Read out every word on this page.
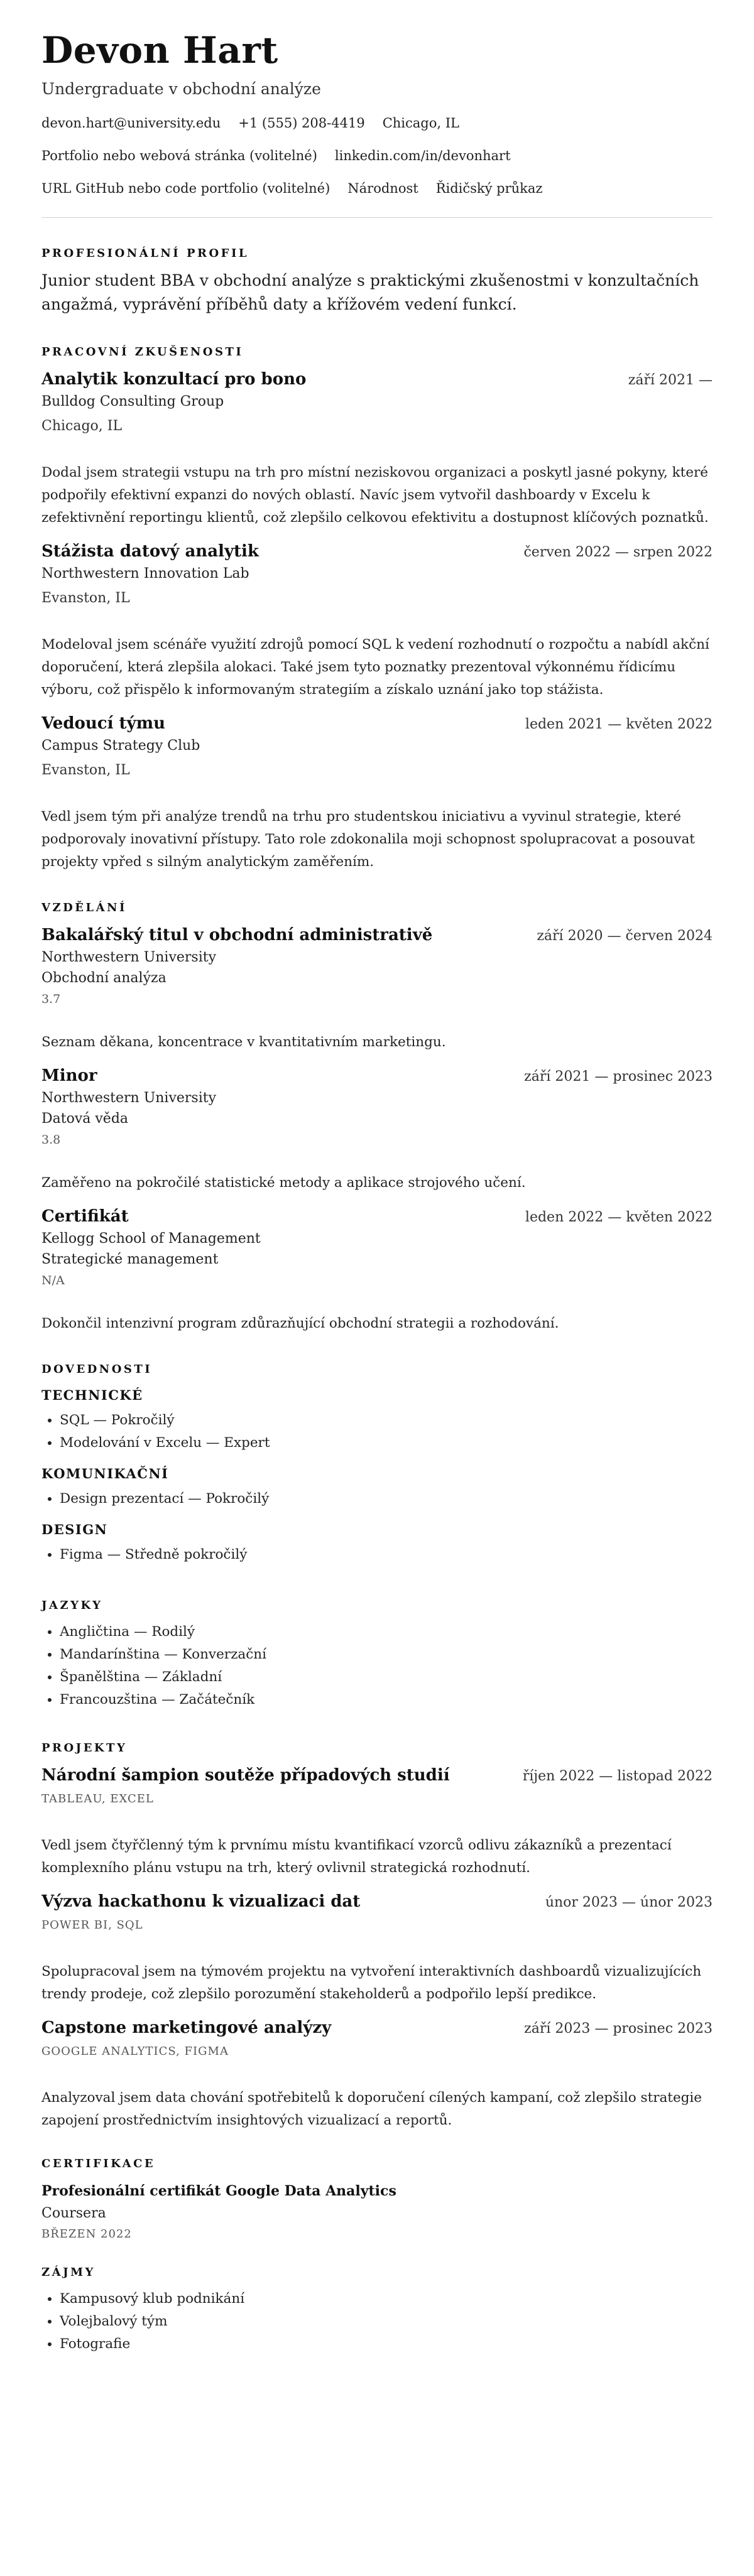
Devon Hart
Undergraduate v obchodní analýze
devon.hart@university.edu +1 (555) 208-4419 Chicago, IL
Portfolio nebo webová stránka (volitelné) linkedin.com/in/devonhart
URL GitHub nebo code portfolio (volitelné) Národnost Řidičský průkaz
PROFESIONÁLNÍ PROFIL
Junior student BBA v obchodní analýze s praktickými zkušenostmi v konzultačních angažmá, vyprávění příběhů daty a křížovém vedení funkcí.
PRACOVNÍ ZKUŠENOSTI
Analytik konzultací pro bono	září 2021 —
Bulldog Consulting Group
Chicago, IL
Dodal jsem strategii vstupu na trh pro místní neziskovou organizaci a poskytl jasné pokyny, které podpořily efektivní expanzi do nových oblastí. Navíc jsem vytvořil dashboardy v Excelu k zefektivnění reportingu klientů, což zlepšilo celkovou efektivitu a dostupnost klíčových poznatků.
Stážista datový analytik	červen 2022 — srpen 2022
Northwestern Innovation Lab
Evanston, IL
Modeloval jsem scénáře využití zdrojů pomocí SQL k vedení rozhodnutí o rozpočtu a nabídl akční doporučení, která zlepšila alokaci. Také jsem tyto poznatky prezentoval výkonnému řídicímu výboru, což přispělo k informovaným strategiím a získalo uznání jako top stážista.
Vedoucí týmu	leden 2021 — květen 2022
Campus Strategy Club
Evanston, IL
Vedl jsem tým při analýze trendů na trhu pro studentskou iniciativu a vyvinul strategie, které podporovaly inovativní přístupy. Tato role zdokonalila moji schopnost spolupracovat a posouvat projekty vpřed s silným analytickým zaměřením.
VZDĚLÁNÍ
Bakalářský titul v obchodní administrativě	září 2020 — červen 2024
Northwestern University
Obchodní analýza
3.7
Seznam děkana, koncentrace v kvantitativním marketingu.
Minor	září 2021 — prosinec 2023
Northwestern University
Datová věda
3.8
Zaměřeno na pokročilé statistické metody a aplikace strojového učení.
Certifikát	leden 2022 — květen 2022
Kellogg School of Management
Strategické management
N/A
Dokončil intenzivní program zdůrazňující obchodní strategii a rozhodování.
DOVEDNOSTI
TECHNICKÉ
• SQL — Pokročilý
• Modelování v Excelu — Expert
KOMUNIKAČNÍ
• Design prezentací — Pokročilý
DESIGN
• Figma — Středně pokročilý
JAZYKY
• Angličtina — Rodilý
• Mandarínština — Konverzační
• Španělština — Základní
• Francouzština — Začátečník
PROJEKTY
Národní šampion soutěže případových studií	říjen 2022 — listopad 2022
TABLEAU, EXCEL
Vedl jsem čtyřčlenný tým k prvnímu místu kvantifikací vzorců odlivu zákazníků a prezentací komplexního plánu vstupu na trh, který ovlivnil strategická rozhodnutí.
Výzva hackathonu k vizualizaci dat	únor 2023 — únor 2023
POWER BI, SQL
Spolupracoval jsem na týmovém projektu na vytvoření interaktivních dashboardů vizualizujících trendy prodeje, což zlepšilo porozumění stakeholderů a podpořilo lepší predikce.
Capstone marketingové analýzy	září 2023 — prosinec 2023
GOOGLE ANALYTICS, FIGMA
Analyzoval jsem data chování spotřebitelů k doporučení cílených kampaní, což zlepšilo strategie zapojení prostřednictvím insightových vizualizací a reportů.
CERTIFIKACE
Profesionální certifikát Google Data Analytics
Coursera
BŘEZEN 2022
ZÁJMY
• Kampusový klub podnikání
• Volejbalový tým
• Fotografie
